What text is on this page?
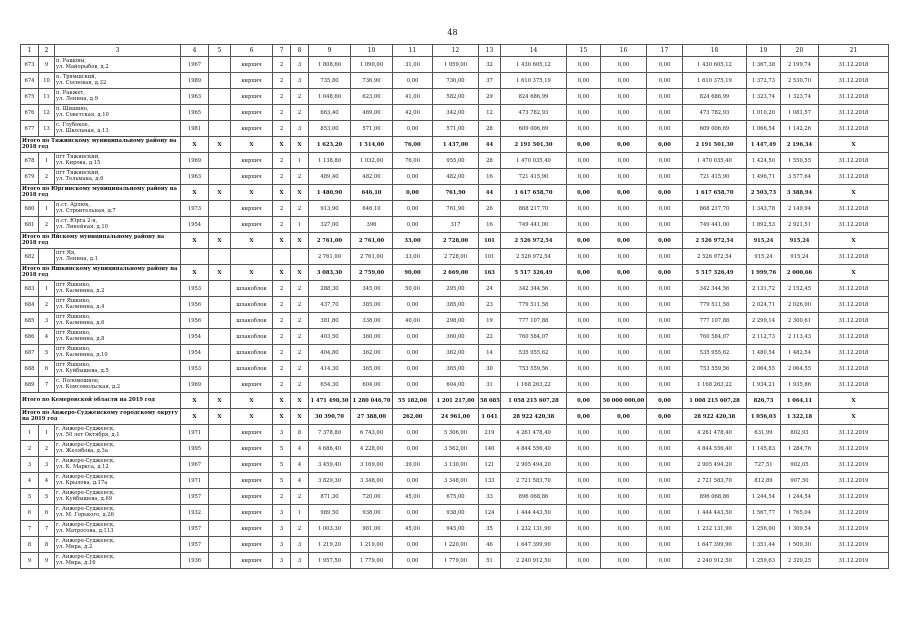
48
1	2	3	4	5	6	7	8	9	10	11	12	13	14	15	16	17	18	19	20	21
673	9	п. Рашовы,
ул. Майорыбов, д.2	1967		кирпич	2	3	1 808,60	1 090,00	31,00	1 059,00	32	1 430 605,12	0,00	0,00	0,00	1 430 605,12	1 367,38	2 199,74	31.12.2018
674	10	п. Трямшский,
ул. Сосновая, д.32	1989		кирпич	2	3	735,80	736,90	0,00	736,00	37	1 610 375,19	0,00	0,00	0,00	1 610 375,19	1 372,73	2 530,70	31.12.2018
675	11	п. Ракжет,
ул. Ленина, д.9	1963		кирпич	2	2	1 048,60	623,00	41,00	582,00	29	824 686,99	0,00	0,00	0,00	824 686,99	1 323,74	1 323,74	31.12.2018
676	12	п. Шишино,
ул. Советская, д.10	1965		кирпич	2	2	663,40	469,00	42,00	342,00	12	473 782,93	0,00	0,00	0,00	473 782,93	1 010,20	1 081,57	31.12.2018
677	13	с. Глубокое,
ул. Школьная, д.13	1981		кирпич	2	3	853,00	571,00	0,00	571,00	28	609 006,69	0,00	0,00	0,00	609 006,69	1 066,54	1 142,26	31.12.2018
Итого по Тяжинскому муниципальному району на 2018 год			X	X	X	X	X	1 623,20	1 514,00	76,00	1 437,00	44	2 191 501,30	0,00	0,00	0,00	2 191 501,30	1 447,49	2 196,34	X
678	1	пгт Тяжинский,
ул. Кирова, д.15	1969		кирпич	2	1	1 138,80	1 032,00	76,00	955,00	28	1 470 035,40	0,00	0,00	0,00	1 470 035,40	1 424,50	1 550,55	31.12.2018
679	2	пгт Тяжинский,
ул. Тельмана, д.6	1963		кирпич	2	2	489,40	482,00	0,00	482,00	16	721 415,90	0,00	0,00	0,00	721 415,90	1 496,71	3 577,64	31.12.2018
Итого по Юргинскому муниципальному району на 2018 год			X	X	X	X	X	1 480,90	646,10	0,00	761,90	44	1 617 658,70	0,00	0,00	0,00	1 617 658,70	2 503,73	3 388,94	X
680	1	п.ст. Арлюк,
ул. Строительная, д.7	1973		кирпич	2	2	913,90	646,10	0,00	761,90	26	868 217,70	0,00	0,00	0,00	868 217,70	1 343,78	2 149,94	31.12.2018
681	2	п.ст. Юрга 2-я,
ул. Линейная, д.10	1954		кирпич	2	1	327,00	396	0,00	317	16	749 441,00	0,00	0,00	0,00	749 441,00	1 892,53	2 921,51	31.12.2018
Итого по Яйскому муниципальному району на 2018 год			X	X	X	X	X	2 761,00	2 761,00	33,00	2 728,00	101	2 526 972,54	0,00	0,00	0,00	2 526 972,54	915,24	915,24	X
682		пгт Яя,
ул. Ленина, д.1						2 761,00	2 761,00	33,00	2 728,00	101	2 526 972,54	0,00	0,00	0,00	2 526 972,54	915,24	915,24	31.12.2018
Итого по Яшкинскому муниципальному району на 2018 год			X	X	X	X	X	3 083,30	2 759,00	90,00	2 669,00	163	5 517 326,49	0,00	0,00	0,00	5 517 326,49	1 999,76	2 000,66	X
683	1	пгт Яшкино,
ул. Калинина, д.2	1953		шлакоблок	2	2	288,30	345,00	50,00	295,00	24	342 344,56	0,00	0,00	0,00	342 344,56	2 131,72	2 152,45	31.12.2018
684	2	пгт Яшкино,
ул. Калинина, д.4	1956		шлакоблок	2	2	437,70	385,00	0,00	385,00	23	779 511,58	0,00	0,00	0,00	779 511,58	2 024,71	2 026,00	31.12.2018
685	3	пгт Яшкино,
ул. Калинина, д.6	1956		шлакоблок	2	2	381,80	338,00	40,00	298,00	19	777 107,88	0,00	0,00	0,00	777 107,88	2 299,14	2 300,61	31.12.2018
686	4	пгт Яшкино,
ул. Калинина, д.8	1954		шлакоблок	2	2	403,50	360,00	0,00	360,00	22	760 584,07	0,00	0,00	0,00	760 584,07	2 112,73	2 113,43	31.12.2018
687	5	пгт Яшкино,
ул. Калинина, д.10	1954		шлакоблок	2	2	404,80	362,00	0,00	362,00	14	535 955,62	0,00	0,00	0,00	535 955,62	1 480,54	1 482,54	31.12.2018
688	6	пгт Яшкино,
ул. Куйбышева, д.5	1953		шлакоблок	2	2	414,30	365,00	0,00	365,00	30	753 559,56	0,00	0,00	0,00	753 559,56	2 064,55	2 064,55	31.12.2018
689	7	с. Поломошное,
ул. Комсомольская, д.2	1969		кирпич	2	2	654,30	604,00	0,00	604,00	31	1 168 263,22	0,00	0,00	0,00	1 168 263,22	1 934,21	1 935,86	31.12.2018
Итого по Кемеровской области на 2019 год			X	X	X	X	X	1 471 490,30	1 280 046,70	55 182,00	1 201 217,00	58 085	1 058 215 607,28	0,00	50 000 000,00	0,00	1 008 215 607,28	826,73	1 064,11	X
Итого по Анжеро-Судженскому городскому округу на 2019 год			X	X	X	X	X	30 390,70	27 388,00	262,00	24 961,00	1 041	28 922 420,38	0,00	0,00	0,00	28 922 420,38	1 056,03	1 322,18	X
1	1	г. Анжеро-Судженск,
ул. 50 лет Октября, д.1	1971		кирпич	3	8	7 378,80	6 743,00	0,00	5 306,00	219	4 261 478,40	0,00	0,00	0,00	4 261 478,40	631,99	802,93	31.12.2019
2	2	г. Анжеро-Судженск,
ул. Желябова, д.3а	1995		кирпич	5	4	4 686,40	4 228,00	0,00	3 562,00	140	4 844 556,40	0,00	0,00	0,00	4 844 556,40	1 145,83	1 284,76	31.12.2019
3	3	г. Анжеро-Судженск,
ул. К. Маркса, д.12	1967		кирпич	5	4	3 459,40	3 169,00	39,00	3 130,00	121	2 905 494,20	0,00	0,00	0,00	2 905 494,20	727,51	902,05	31.12.2019
4	4	г. Анжеро-Судженск,
ул. Крылова, д.17а	1971		кирпич	5	4	3 829,30	3 348,00	0,00	3 348,00	133	2 721 583,70	0,00	0,00	0,00	2 721 583,70	812,89	907,50	31.12.2019
5	5	г. Анжеро-Судженск,
ул. Куйбышева, д.69	1957		кирпич	2	2	871,30	720,00	45,00	675,00	33	896 068,86	0,00	0,00	0,00	896 068,86	1 244,54	1 244,54	31.12.2019
6	6	г. Анжеро-Судженск,
ул. М. Горького, д.26	1932		кирпич	3	1	989,50	938,00	0,00	938,00	124	1 444 443,50	0,00	0,00	0,00	1 444 443,50	1 567,77	1 765,04	31.12.2019
7	7	г. Анжеро-Судженск,
ул. Матросова, д.113	1957		кирпич	3	2	1 003,30	981,00	45,00	945,00	35	1 232 131,90	0,00	0,00	0,00	1 232 131,90	1 256,00	1 309,54	31.12.2019
8	8	г. Анжеро-Судженск,
ул. Мира, д.2	1957		кирпич	3	3	1 219,20	1 219,00	0,00	1 220,00	46	1 647 399,90	0,00	0,00	0,00	1 647 399,90	1 351,44	1 509,30	31.12.2019
9	9	г. Анжеро-Судженск,
ул. Мира, д.16	1936		кирпич	3	3	1 957,50	1 779,00	0,00	1 779,00	51	2 240 912,50	0,00	0,00	0,00	2 240 912,50	1 259,63	2 320,25	31.12.2019
